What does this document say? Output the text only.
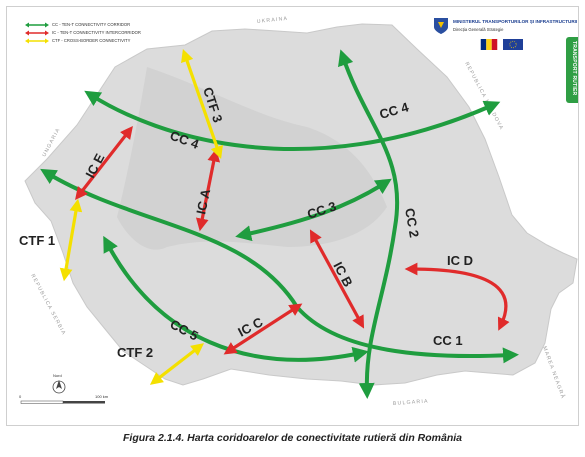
UKRAINA
REPUBLICA MOLDOVA
UNGARIA
REPUBLICA SERBIA
BULGARIA
MAREA NEAGRĂ
CC 4
CC 4
CC 2
CC 3
CC 1
CC 5
IC E
IC A
IC B
IC C
IC D
CTF 3
CTF 1
CTF 2
Nord
0	100 km
CC - TEN-T CONNECTIVITY CORRIDOR
IC - TEN-T CONNECTIVITY INTERCORRIDOR
CTF - CROSS-BORDER CONNECTIVITY
MINISTERUL TRANSPORTURILOR ȘI INFRASTRUCTURII
Direcția Generală Strategie
TRANSPORT RUTIER
Figura 2.1.4. Harta coridoarelor de conectivitate rutieră din România
